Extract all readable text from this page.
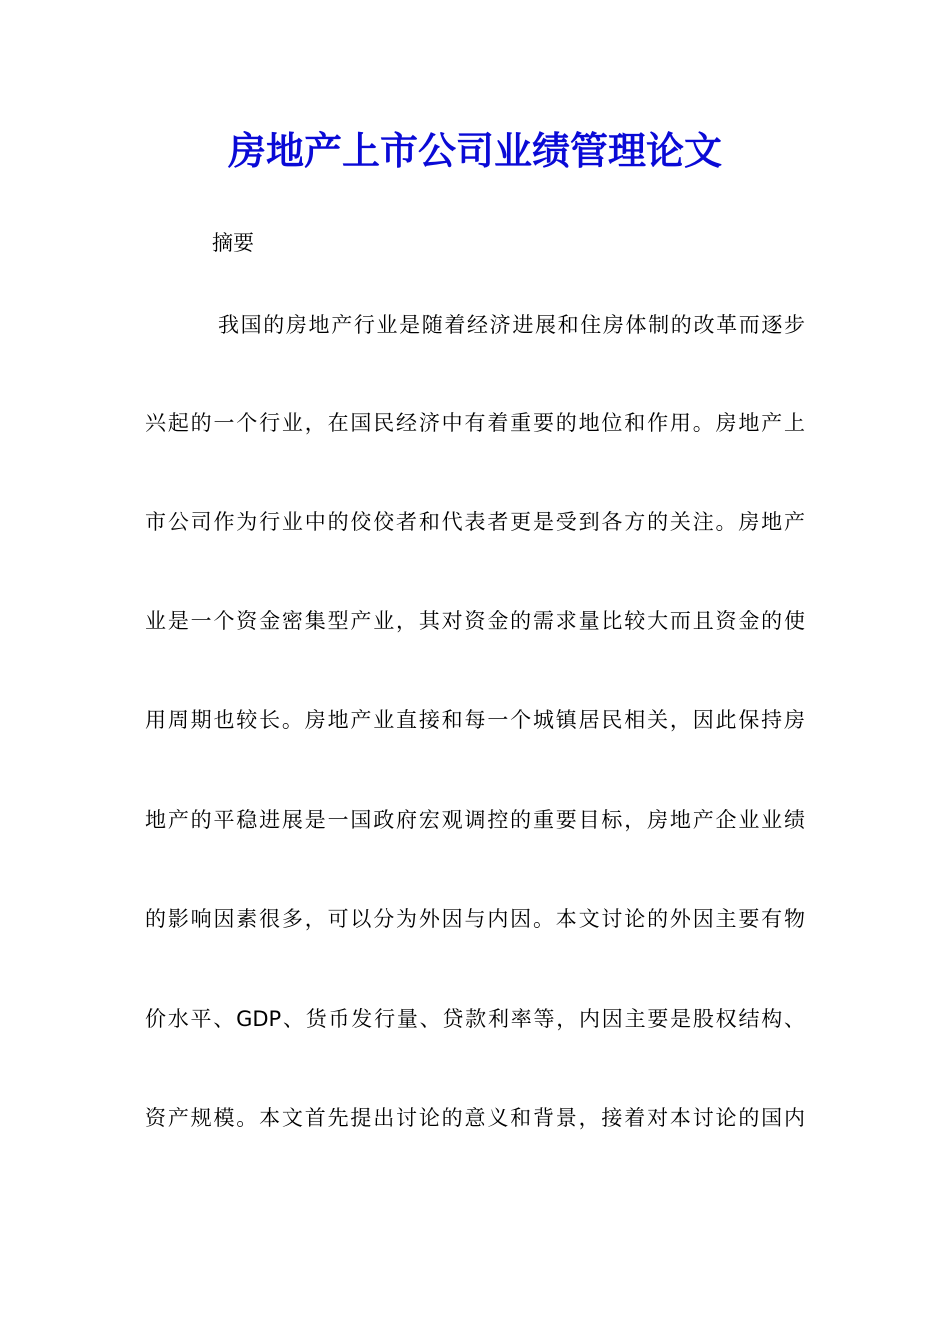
房地产上市公司业绩管理论文

摘要

我国的房地产行业是随着经济进展和住房体制的改革而逐步

兴起的一个行业，在国民经济中有着重要的地位和作用。房地产上

市公司作为行业中的佼佼者和代表者更是受到各方的关注。房地产

业是一个资金密集型产业，其对资金的需求量比较大而且资金的使

用周期也较长。房地产业直接和每一个城镇居民相关，因此保持房

地产的平稳进展是一国政府宏观调控的重要目标，房地产企业业绩

的影响因素很多，可以分为外因与内因。本文讨论的外因主要有物

价水平、GDP、货币发行量、贷款利率等，内因主要是股权结构、

资产规模。本文首先提出讨论的意义和背景，接着对本讨论的国内
